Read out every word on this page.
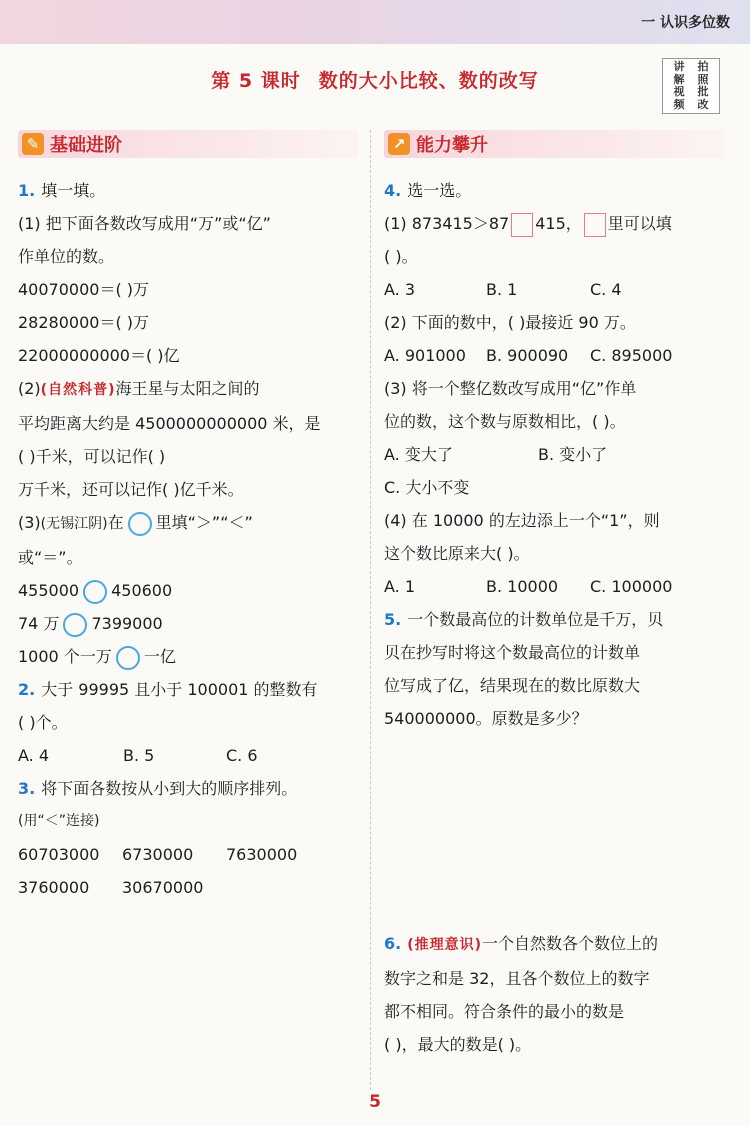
一 认识多位数
第 5 课时 数的大小比较、数的改写
讲 拍
解 照
视 批
频 改
✎ 基础进阶
1. 填一填。
(1) 把下面各数改写成用“万”或“亿”
作单位的数。
40070000＝( )万
28280000＝( )万
22000000000＝( )亿
(2)(自然科普)海王星与太阳之间的
平均距离大约是 4500000000000 米，是
( )千米，可以记作( )
万千米，还可以记作( )亿千米。
(3)(无锡江阴)在 里填“＞”“＜”
或“＝”。
455000 450600
74 万 7399000
1000 个一万 一亿
2. 大于 99995 且小于 100001 的整数有
( )个。
A. 4	B. 5	C. 6
3. 将下面各数按从小到大的顺序排列。
(用“＜”连接)
60703000	6730000	7630000
3760000	30670000
↗ 能力攀升
4. 选一选。
(1) 873415＞87 415， 里可以填
( )。
A. 3	B. 1	C. 4
(2) 下面的数中，( )最接近 90 万。
A. 901000	B. 900090	C. 895000
(3) 将一个整亿数改写成用“亿”作单
位的数，这个数与原数相比，( )。
A. 变大了	B. 变小了
C. 大小不变
(4) 在 10000 的左边添上一个“1”，则
这个数比原来大( )。
A. 1	B. 10000	C. 100000
5. 一个数最高位的计数单位是千万，贝
贝在抄写时将这个数最高位的计数单
位写成了亿，结果现在的数比原数大
540000000。原数是多少？
6. (推理意识)一个自然数各个数位上的
数字之和是 32，且各个数位上的数字
都不相同。符合条件的最小的数是
( )，最大的数是( )。
5
